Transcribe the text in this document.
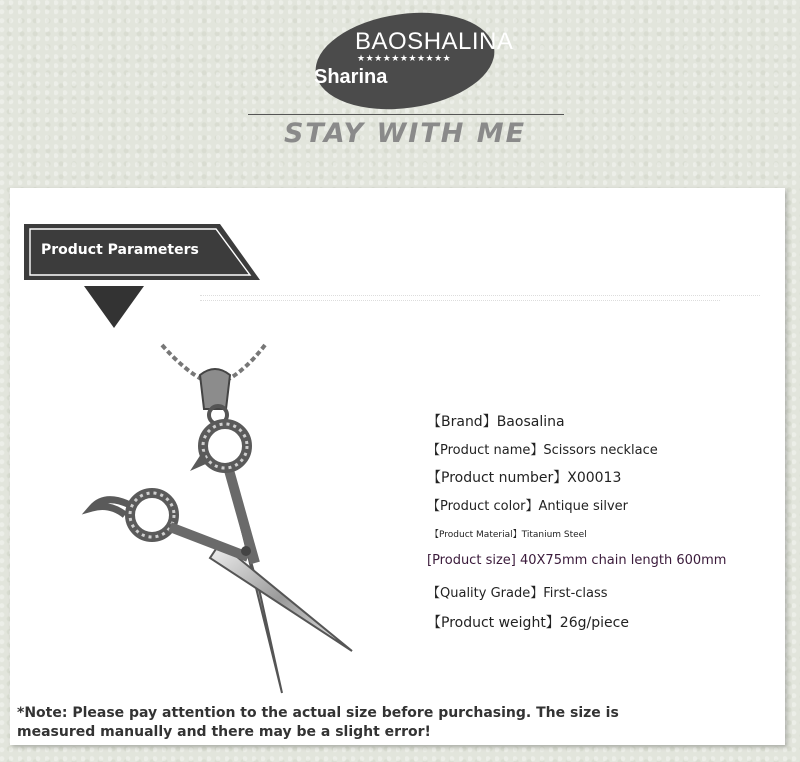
BAOSHALINA
★★★★★★★★★★★
Sharina
STAY WITH ME
Product Parameters
【Brand】Baosalina
【Product name】Scissors necklace
【Product number】X00013
【Product color】Antique silver
【Product Material】Titanium Steel
[Product size] 40X75mm chain length 600mm
【Quality Grade】First-class
【Product weight】26g/piece
*Note: Please pay attention to the actual size before purchasing. The size is measured manually and there may be a slight error!
